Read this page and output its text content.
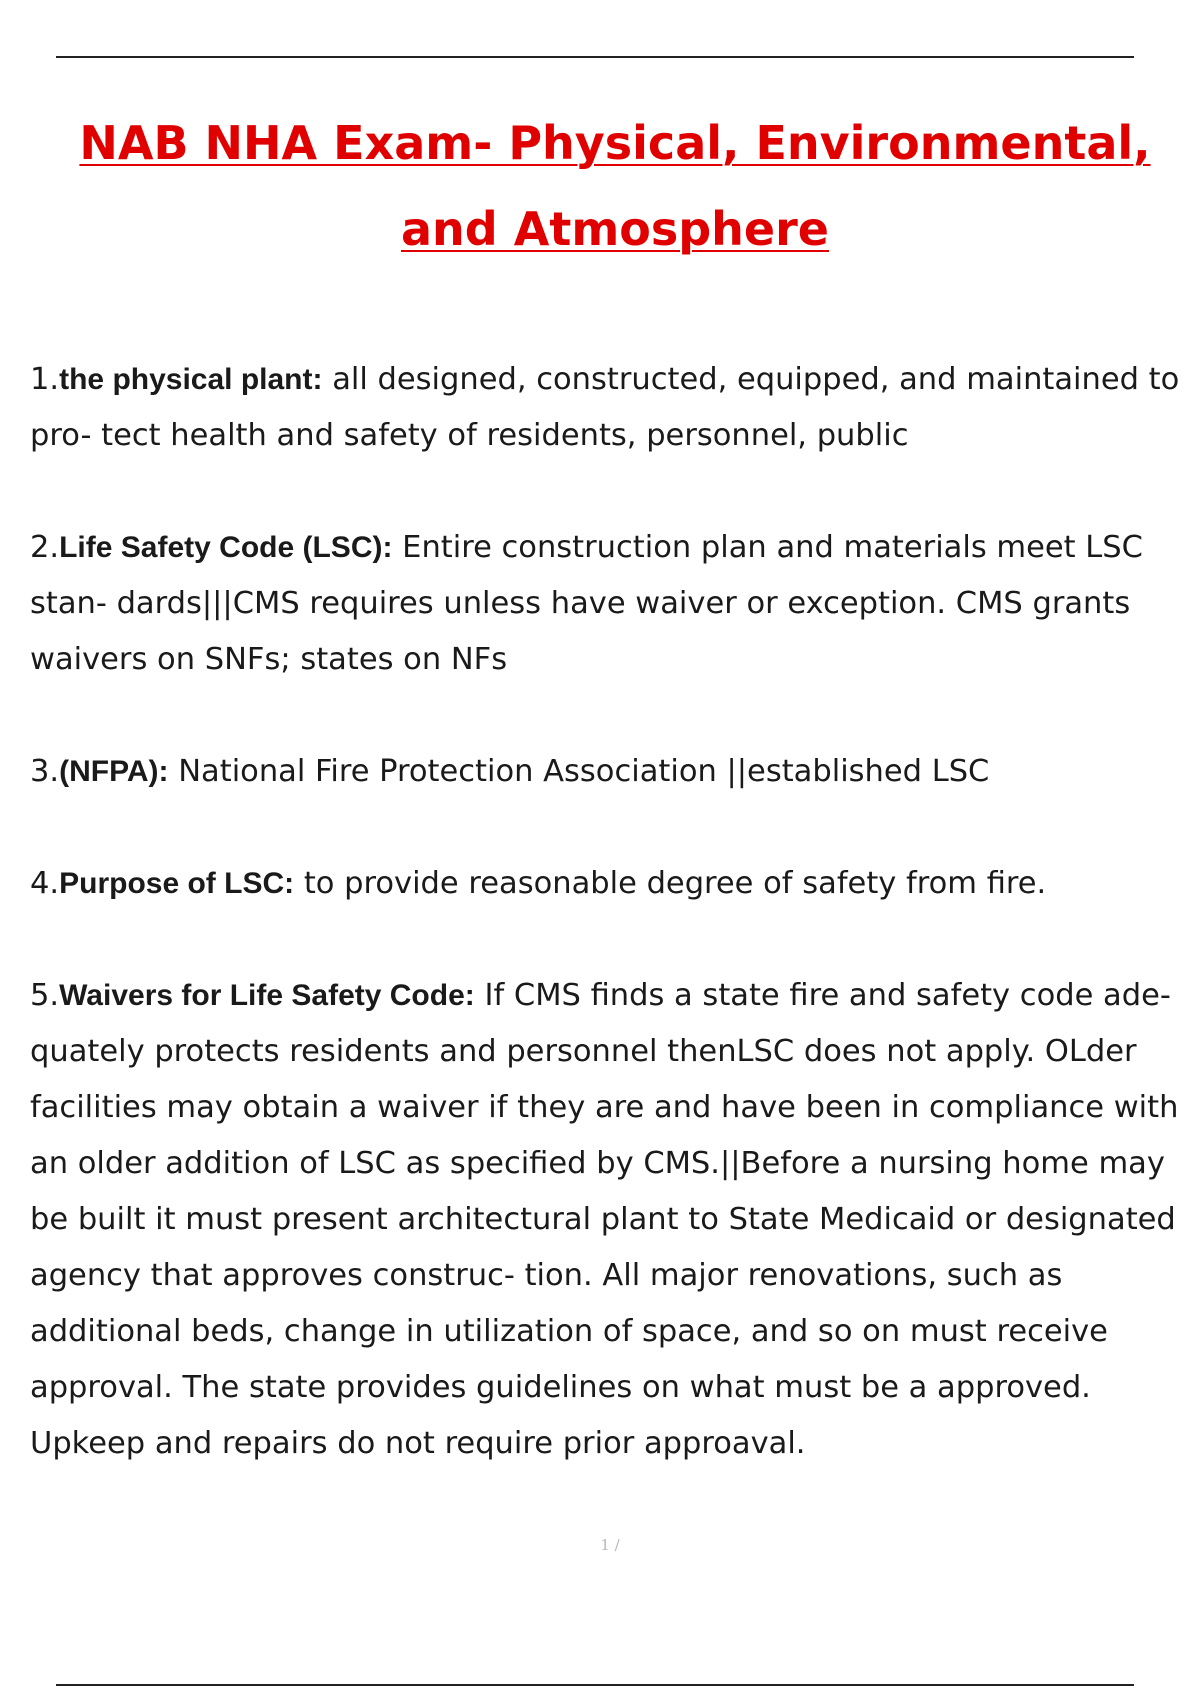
NAB NHA Exam- Physical, Environmental, and Atmosphere
1.the physical plant: all designed, constructed, equipped, and maintained to pro- tect health and safety of residents, personnel, public
2.Life Safety Code (LSC): Entire construction plan and materials meet LSC stan- dards|||CMS requires unless have waiver or exception. CMS grants waivers on SNFs; states on NFs
3.(NFPA): National Fire Protection Association ||established LSC
4.Purpose of LSC: to provide reasonable degree of safety from fire.
5.Waivers for Life Safety Code: If CMS finds a state fire and safety code ade- quately protects residents and personnel thenLSC does not apply. OLder facilities may obtain a waiver if they are and have been in compliance with an older addition of LSC as specified by CMS.||Before a nursing home may be built it must present architectural plant to State Medicaid or designated agency that approves construc- tion. All major renovations, such as additional beds, change in utilization of space, and so on must receive approval. The state provides guidelines on what must be a approved. Upkeep and repairs do not require prior approaval.
1 /
